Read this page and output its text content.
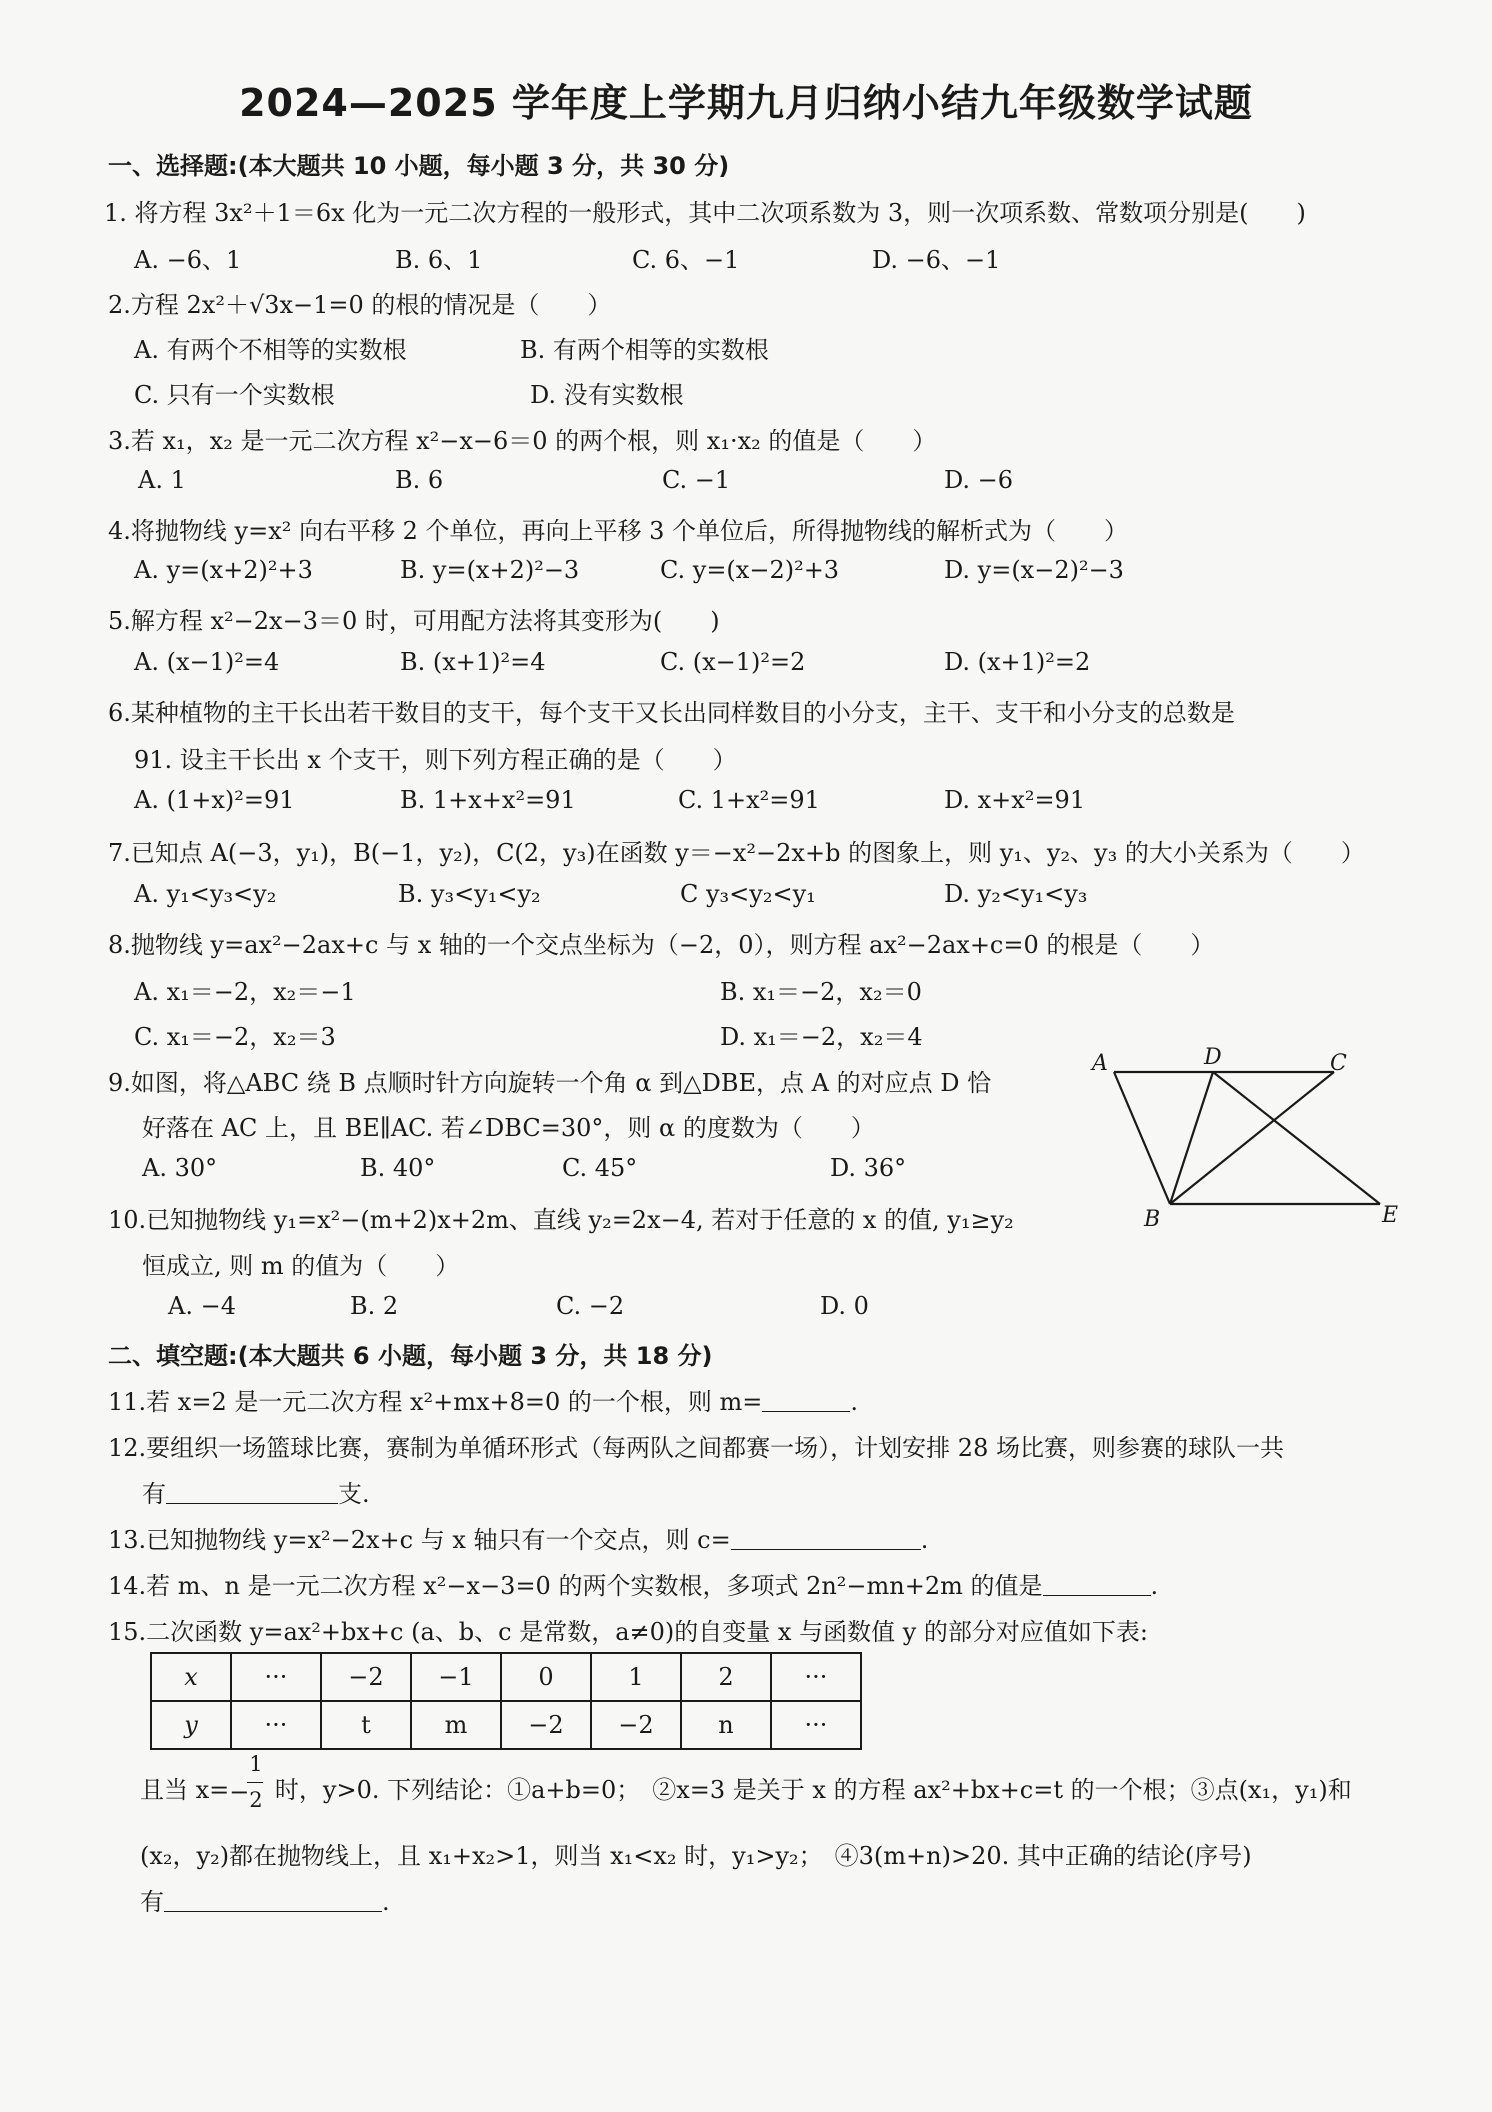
2024—2025 学年度上学期九月归纳小结九年级数学试题
一、选择题:(本大题共 10 小题，每小题 3 分，共 30 分)
1. 将方程 3x²＋1＝6x 化为一元二次方程的一般形式，其中二次项系数为 3，则一次项系数、常数项分别是(　　)
A. −6、1	B. 6、1	C. 6、−1	D. −6、−1
2.方程 2x²＋√3x−1=0 的根的情况是（　　）
A. 有两个不相等的实数根	B. 有两个相等的实数根
C. 只有一个实数根	D. 没有实数根
3.若 x₁，x₂ 是一元二次方程 x²−x−6＝0 的两个根，则 x₁·x₂ 的值是（　　）
A. 1	B. 6	C. −1	D. −6
4.将抛物线 y=x² 向右平移 2 个单位，再向上平移 3 个单位后，所得抛物线的解析式为（　　）
A. y=(x+2)²+3	B. y=(x+2)²−3	C. y=(x−2)²+3	D. y=(x−2)²−3
5.解方程 x²−2x−3＝0 时，可用配方法将其变形为(　　)
A. (x−1)²=4	B. (x+1)²=4	C. (x−1)²=2	D. (x+1)²=2
6.某种植物的主干长出若干数目的支干，每个支干又长出同样数目的小分支，主干、支干和小分支的总数是
91. 设主干长出 x 个支干，则下列方程正确的是（　　）
A. (1+x)²=91	B. 1+x+x²=91	C. 1+x²=91	D. x+x²=91
7.已知点 A(−3，y₁)，B(−1，y₂)，C(2，y₃)在函数 y＝−x²−2x+b 的图象上，则 y₁、y₂、y₃ 的大小关系为（　　）
A. y₁<y₃<y₂	B. y₃<y₁<y₂	C y₃<y₂<y₁	D. y₂<y₁<y₃
8.抛物线 y=ax²−2ax+c 与 x 轴的一个交点坐标为（−2，0），则方程 ax²−2ax+c=0 的根是（　　）
A. x₁＝−2，x₂＝−1	B. x₁＝−2，x₂＝0
C. x₁＝−2，x₂＝3	D. x₁＝−2，x₂＝4
9.如图，将△ABC 绕 B 点顺时针方向旋转一个角 α 到△DBE，点 A 的对应点 D 恰
好落在 AC 上，且 BE∥AC. 若∠DBC=30°，则 α 的度数为（　　）
A. 30°	B. 40°	C. 45°	D. 36°
A	D	C
B	E
10.已知抛物线 y₁=x²−(m+2)x+2m、直线 y₂=2x−4, 若对于任意的 x 的值, y₁≥y₂
恒成立, 则 m 的值为（　　）
A. −4	B. 2	C. −2	D. 0
二、填空题:(本大题共 6 小题，每小题 3 分，共 18 分)
11.若 x=2 是一元二次方程 x²+mx+8=0 的一个根，则 m=	.
12.要组织一场篮球比赛，赛制为单循环形式（每两队之间都赛一场），计划安排 28 场比赛，则参赛的球队一共
有	支.
13.已知抛物线 y=x²−2x+c 与 x 轴只有一个交点，则 c=	.
14.若 m、n 是一元二次方程 x²−x−3=0 的两个实数根，多项式 2n²−mn+2m 的值是	.
15.二次函数 y=ax²+bx+c (a、b、c 是常数，a≠0)的自变量 x 与函数值 y 的部分对应值如下表:
x	···	−2	−1	0	1	2	···
y	···	t	m	−2	−2	n	···
且当 x= −
1
2 时，y>0. 下列结论：①a+b=0；　②x=3 是关于 x 的方程 ax²+bx+c=t 的一个根；③点(x₁，y₁)和
(x₂，y₂)都在抛物线上，且 x₁+x₂>1，则当 x₁<x₂ 时，y₁>y₂；　④3(m+n)>20. 其中正确的结论(序号)
有	.
